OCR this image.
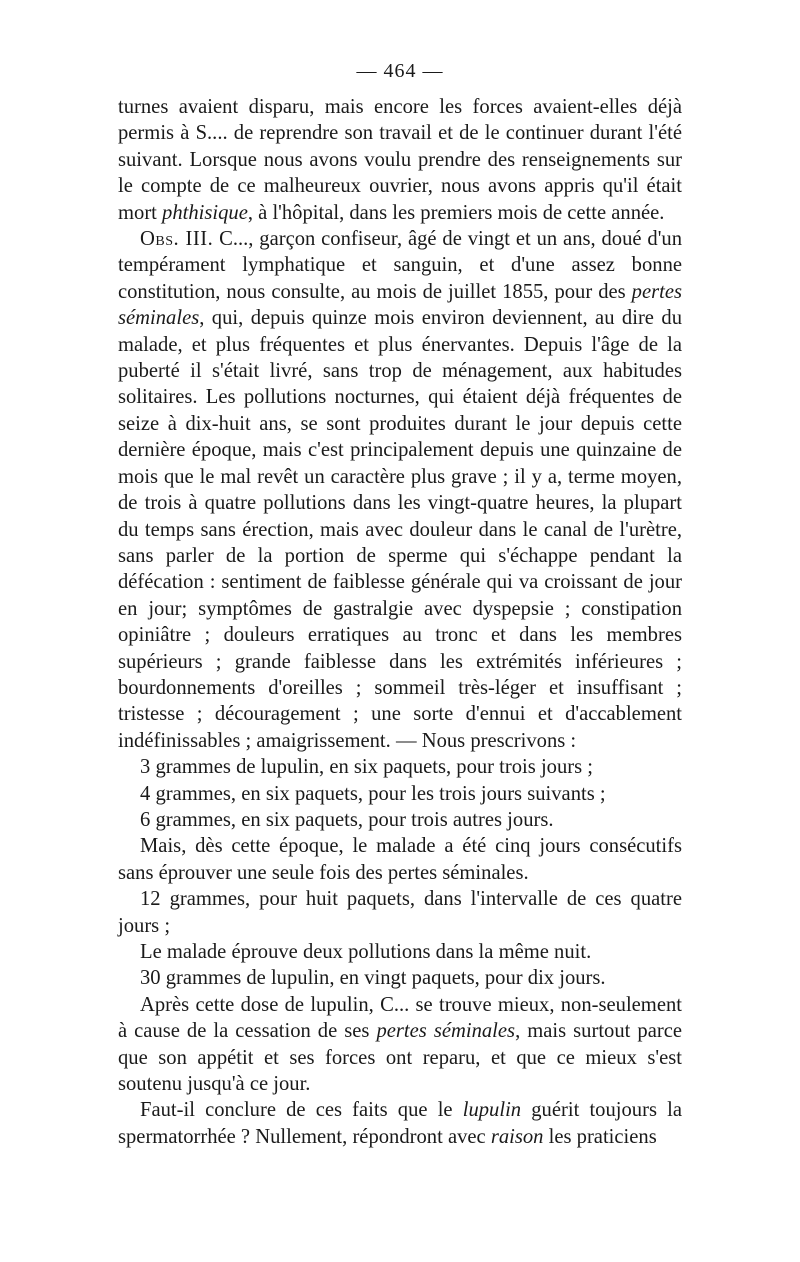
— 464 —

turnes avaient disparu, mais encore les forces avaient-elles déjà permis à S.... de reprendre son travail et de le continuer durant l'été suivant. Lorsque nous avons voulu prendre des renseignements sur le compte de ce malheureux ouvrier, nous avons appris qu'il était mort phthisique, à l'hôpital, dans les premiers mois de cette année.

Obs. III. C..., garçon confiseur, âgé de vingt et un ans, doué d'un tempérament lymphatique et sanguin, et d'une assez bonne constitution, nous consulte, au mois de juillet 1855, pour des pertes séminales, qui, depuis quinze mois environ deviennent, au dire du malade, et plus fréquentes et plus énervantes. Depuis l'âge de la puberté il s'était livré, sans trop de ménagement, aux habitudes solitaires. Les pollutions nocturnes, qui étaient déjà fréquentes de seize à dix-huit ans, se sont produites durant le jour depuis cette dernière époque, mais c'est principalement depuis une quinzaine de mois que le mal revêt un caractère plus grave ; il y a, terme moyen, de trois à quatre pollutions dans les vingt-quatre heures, la plupart du temps sans érection, mais avec douleur dans le canal de l'urètre, sans parler de la portion de sperme qui s'échappe pendant la défécation : sentiment de faiblesse générale qui va croissant de jour en jour; symptômes de gastralgie avec dyspepsie ; constipation opiniâtre ; douleurs erratiques au tronc et dans les membres supérieurs ; grande faiblesse dans les extrémités inférieures ; bourdonnements d'oreilles ; sommeil très-léger et insuffisant ; tristesse ; découragement ; une sorte d'ennui et d'accablement indéfinissables ; amaigrissement. — Nous prescrivons :

3 grammes de lupulin, en six paquets, pour trois jours ;

4 grammes, en six paquets, pour les trois jours suivants ;

6 grammes, en six paquets, pour trois autres jours.

Mais, dès cette époque, le malade a été cinq jours consécutifs sans éprouver une seule fois des pertes séminales.

12 grammes, pour huit paquets, dans l'intervalle de ces quatre jours ;

Le malade éprouve deux pollutions dans la même nuit.

30 grammes de lupulin, en vingt paquets, pour dix jours.

Après cette dose de lupulin, C... se trouve mieux, non-seulement à cause de la cessation de ses pertes séminales, mais surtout parce que son appétit et ses forces ont reparu, et que ce mieux s'est soutenu jusqu'à ce jour.

Faut-il conclure de ces faits que le lupulin guérit toujours la spermatorrhée ? Nullement, répondront avec raison les praticiens
